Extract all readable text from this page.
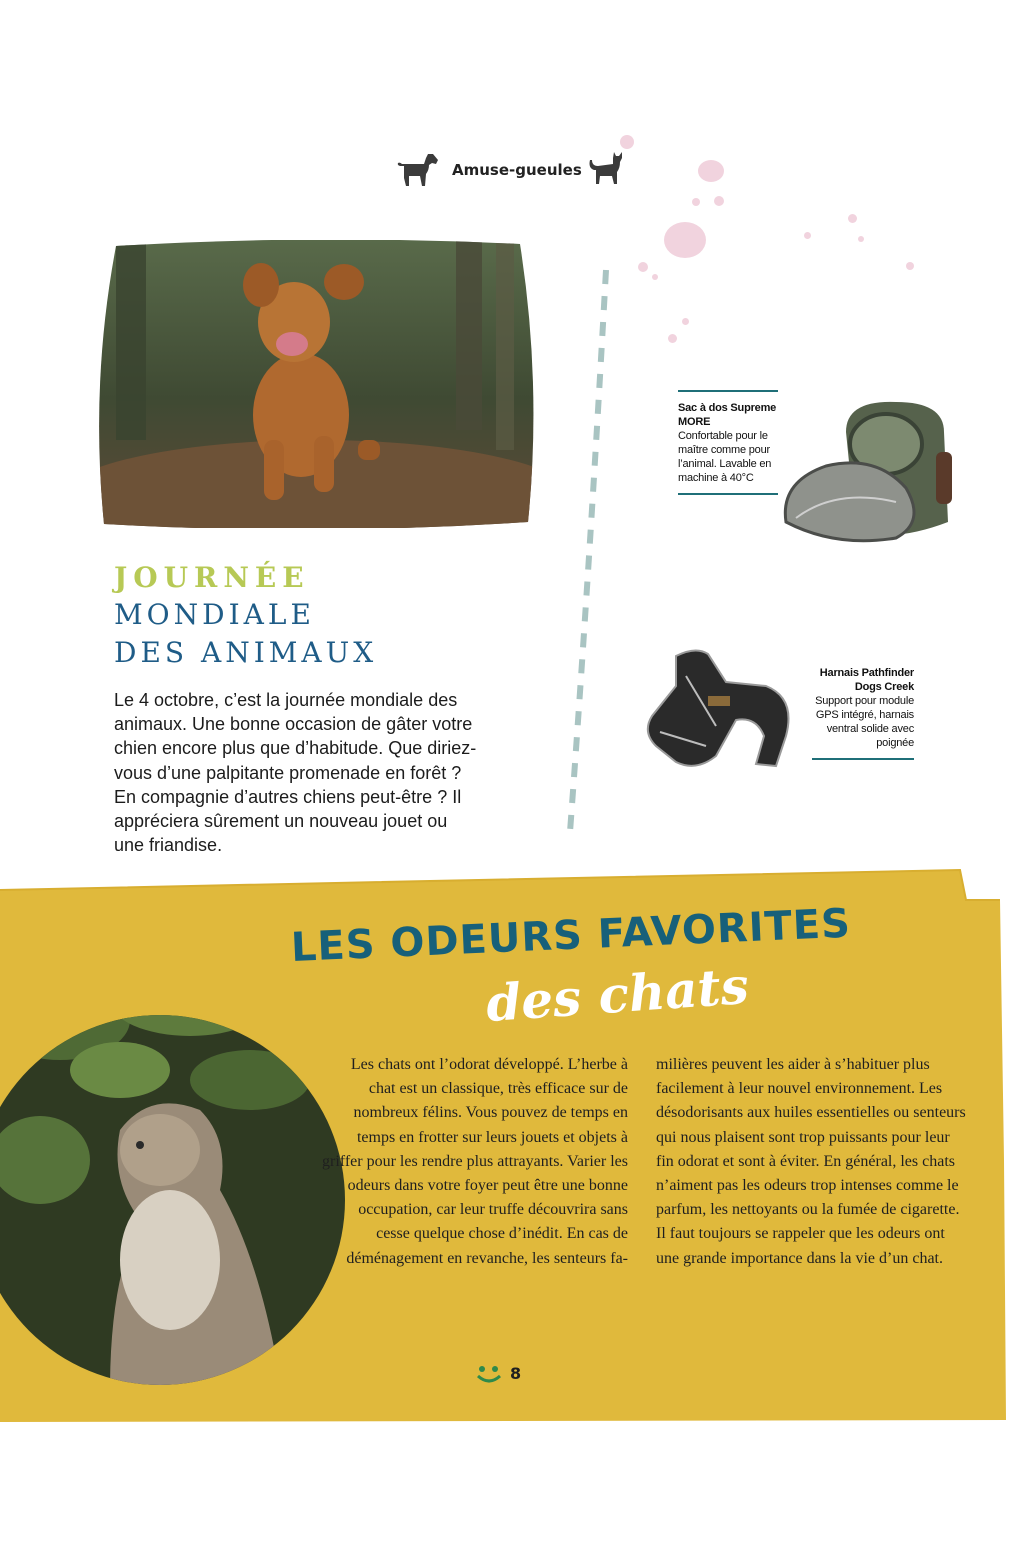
Amuse-gueules
JOURNÉE
MONDIALE
DES ANIMAUX
Le 4 octobre, c’est la journée mondiale des animaux. Une bonne occasion de gâter votre chien encore plus que d’habitude. Que diriez-vous d’une palpitante promenade en forêt ? En compagnie d’autres chiens peut-être ? Il appréciera sûrement un nouveau jouet ou une friandise.
Sac à dos Supreme
MORE
Confortable pour le maître comme pour l’animal. Lavable en machine à 40°C
Harnais Pathfinder
Dogs Creek
Support pour module GPS intégré, harnais ventral solide avec poignée
LES ODEURS FAVORITES
des chats
Les chats ont l’odorat développé. L’herbe à chat est un classique, très efficace sur de nombreux félins. Vous pouvez de temps en temps en frotter sur leurs jouets et objets à griffer pour les rendre plus attrayants. Varier les odeurs dans votre foyer peut être une bonne occupation, car leur truffe découvrira sans cesse quelque chose d’inédit. En cas de déménagement en revanche, les senteurs fa-
milières peuvent les aider à s’habituer plus facilement à leur nouvel environnement. Les désodorisants aux huiles essentielles ou senteurs qui nous plaisent sont trop puissants pour leur fin odorat et sont à éviter. En général, les chats n’aiment pas les odeurs trop intenses comme le parfum, les nettoyants ou la fumée de cigarette. Il faut toujours se rappeler que les odeurs ont une grande importance dans la vie d’un chat.
8
